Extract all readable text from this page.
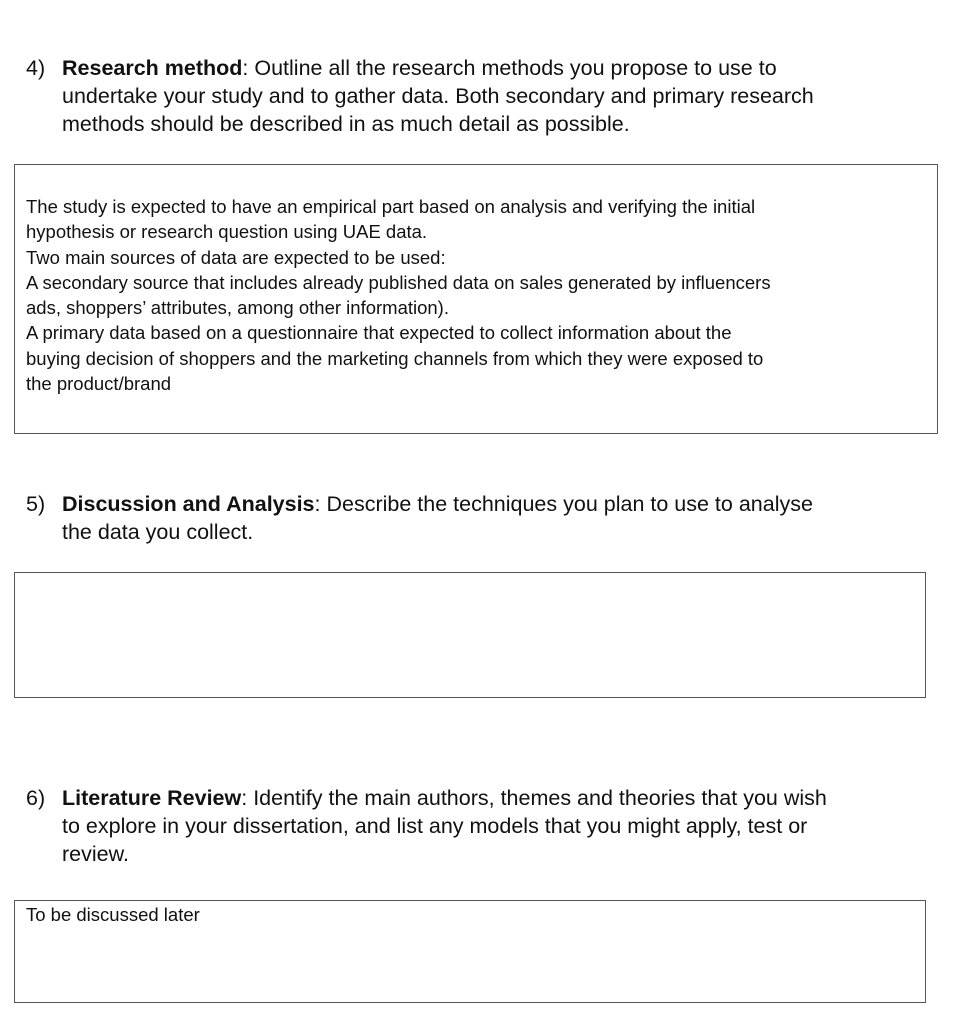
4) Research method: Outline all the research methods you propose to use to
undertake your study and to gather data. Both secondary and primary research
methods should be described in as much detail as possible.
The study is expected to have an empirical part based on analysis and verifying the initial
hypothesis or research question using UAE data.
Two main sources of data are expected to be used:
A secondary source that includes already published data on sales generated by influencers
ads, shoppers’ attributes, among other information).
A primary data based on a questionnaire that expected to collect information about the
buying decision of shoppers and the marketing channels from which they were exposed to
the product/brand
5) Discussion and Analysis: Describe the techniques you plan to use to analyse
the data you collect.
6) Literature Review: Identify the main authors, themes and theories that you wish
to explore in your dissertation, and list any models that you might apply, test or
review.
To be discussed later
